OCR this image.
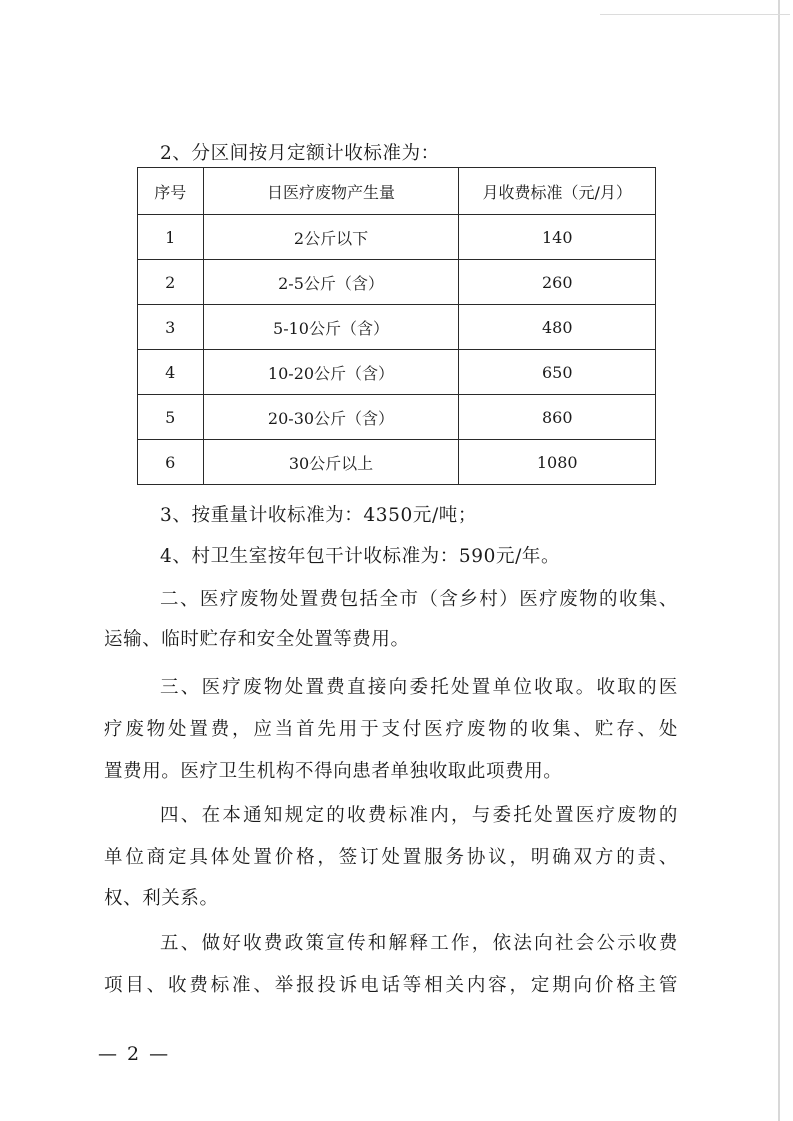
2、分区间按月定额计收标准为：
序号	日医疗废物产生量	月收费标准（元/月）
1	2公斤以下	140
2	2-5公斤（含）	260
3	5-10公斤（含）	480
4	10-20公斤（含）	650
5	20-30公斤（含）	860
6	30公斤以上	1080
3、按重量计收标准为：4350元/吨；
4、村卫生室按年包干计收标准为：590元/年。
二、医疗废物处置费包括全市（含乡村）医疗废物的收集、
运输、临时贮存和安全处置等费用。
三、医疗废物处置费直接向委托处置单位收取。收取的医
疗废物处置费，应当首先用于支付医疗废物的收集、贮存、处
置费用。医疗卫生机构不得向患者单独收取此项费用。
四、在本通知规定的收费标准内，与委托处置医疗废物的
单位商定具体处置价格，签订处置服务协议，明确双方的责、
权、利关系。
五、做好收费政策宣传和解释工作，依法向社会公示收费
项目、收费标准、举报投诉电话等相关内容，定期向价格主管
— 2 —
